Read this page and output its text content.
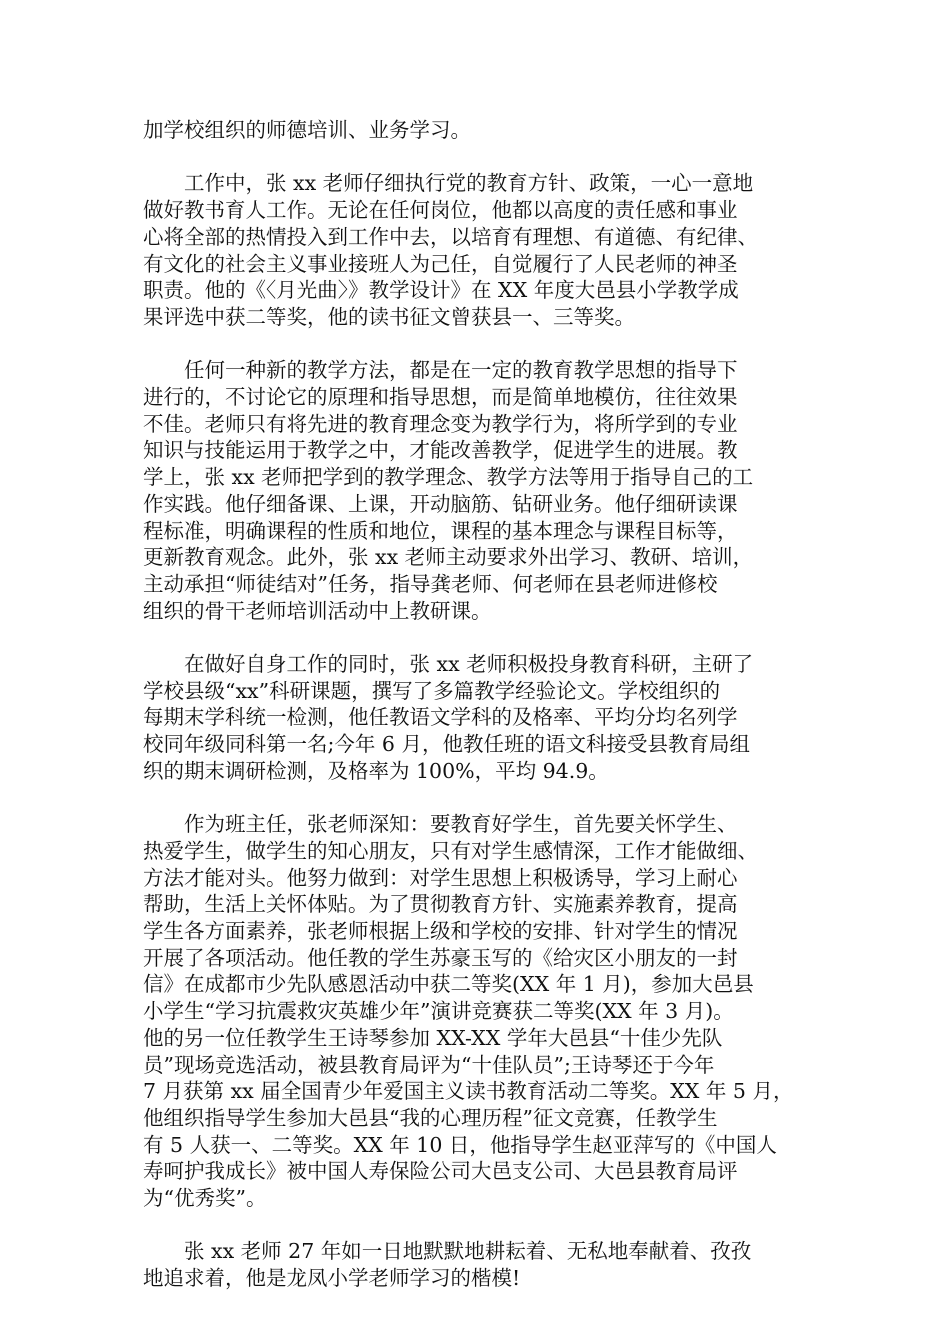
加学校组织的师德培训、业务学习。

工作中，张 xx 老师仔细执行党的教育方针、政策，一心一意地
做好教书育人工作。无论在任何岗位，他都以高度的责任感和事业
心将全部的热情投入到工作中去，以培育有理想、有道德、有纪律、
有文化的社会主义事业接班人为己任，自觉履行了人民老师的神圣
职责。他的《〈月光曲〉》教学设计》在 XX 年度大邑县小学教学成
果评选中获二等奖，他的读书征文曾获县一、三等奖。

任何一种新的教学方法，都是在一定的教育教学思想的指导下
进行的，不讨论它的原理和指导思想，而是简单地模仿，往往效果
不佳。老师只有将先进的教育理念变为教学行为，将所学到的专业
知识与技能运用于教学之中，才能改善教学，促进学生的进展。教
学上，张 xx 老师把学到的教学理念、教学方法等用于指导自己的工
作实践。他仔细备课、上课，开动脑筋、钻研业务。他仔细研读课
程标准，明确课程的性质和地位，课程的基本理念与课程目标等，
更新教育观念。此外，张 xx 老师主动要求外出学习、教研、培训，
主动承担“师徒结对”任务，指导龚老师、何老师在县老师进修校
组织的骨干老师培训活动中上教研课。

在做好自身工作的同时，张 xx 老师积极投身教育科研，主研了
学校县级“xx”科研课题，撰写了多篇教学经验论文。学校组织的
每期末学科统一检测，他任教语文学科的及格率、平均分均名列学
校同年级同科第一名;今年 6 月，他教任班的语文科接受县教育局组
织的期末调研检测，及格率为 100%，平均 94.9。

作为班主任，张老师深知：要教育好学生，首先要关怀学生、
热爱学生，做学生的知心朋友，只有对学生感情深，工作才能做细、
方法才能对头。他努力做到：对学生思想上积极诱导，学习上耐心
帮助，生活上关怀体贴。为了贯彻教育方针、实施素养教育，提高
学生各方面素养，张老师根据上级和学校的安排、针对学生的情况
开展了各项活动。他任教的学生苏豪玉写的《给灾区小朋友的一封
信》在成都市少先队感恩活动中获二等奖(XX 年 1 月)，参加大邑县
小学生“学习抗震救灾英雄少年”演讲竞赛获二等奖(XX 年 3 月)。
他的另一位任教学生王诗琴参加 XX-XX 学年大邑县“十佳少先队
员”现场竞选活动，被县教育局评为“十佳队员”;王诗琴还于今年
7 月获第 xx 届全国青少年爱国主义读书教育活动二等奖。XX 年 5 月，
他组织指导学生参加大邑县“我的心理历程”征文竞赛，任教学生
有 5 人获一、二等奖。XX 年 10 日，他指导学生赵亚萍写的《中国人
寿呵护我成长》被中国人寿保险公司大邑支公司、大邑县教育局评
为“优秀奖”。

张 xx 老师 27 年如一日地默默地耕耘着、无私地奉献着、孜孜
地追求着，他是龙凤小学老师学习的楷模!
